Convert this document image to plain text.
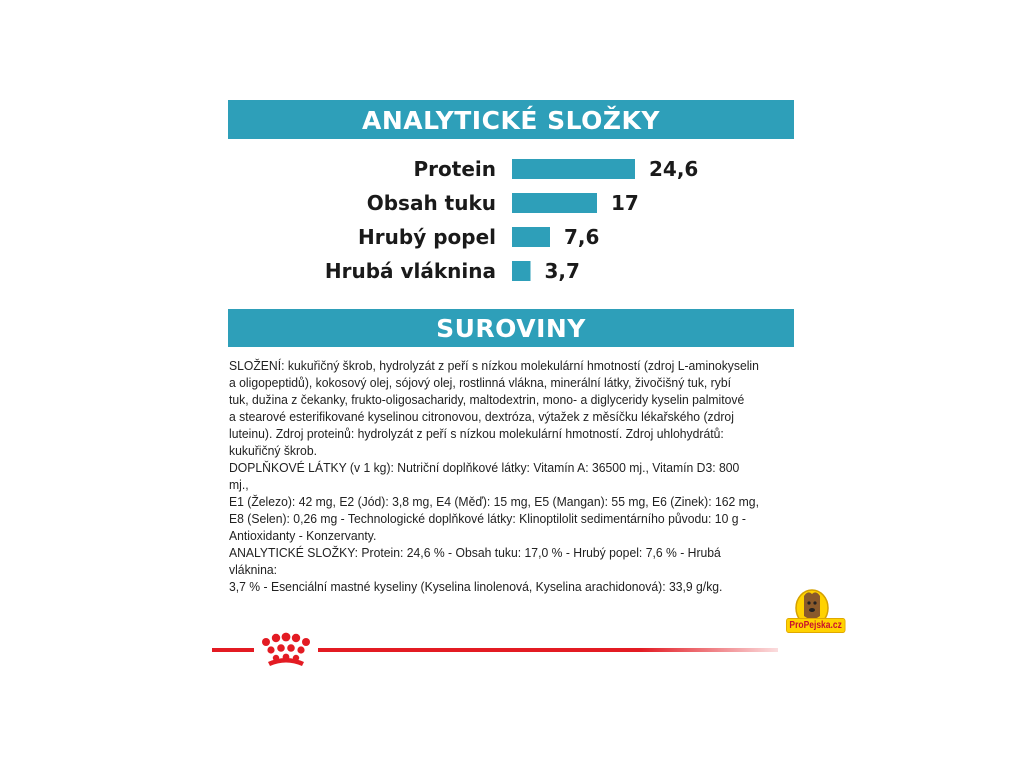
ANALYTICKÉ SLOŽKY
Protein	24,6
Obsah tuku	17
Hrubý popel	7,6
Hrubá vláknina 3,7
SUROVINY
SLOŽENÍ: kukuřičný škrob, hydrolyzát z peří s nízkou molekulární hmotností (zdroj L-aminokyselin
a oligopeptidů), kokosový olej, sójový olej, rostlinná vlákna, minerální látky, živočišný tuk, rybí
tuk, dužina z čekanky, frukto-oligosacharidy, maltodextrin, mono- a diglyceridy kyselin palmitové
a stearové esterifikované kyselinou citronovou, dextróza, výtažek z měsíčku lékařského (zdroj
luteinu). Zdroj proteinů: hydrolyzát z peří s nízkou molekulární hmotností. Zdroj uhlohydrátů:
kukuřičný škrob.
DOPLŇKOVÉ LÁTKY (v 1 kg): Nutriční doplňkové látky: Vitamín A: 36500 mj., Vitamín D3: 800 mj.,
E1 (Železo): 42 mg, E2 (Jód): 3,8 mg, E4 (Měď): 15 mg, E5 (Mangan): 55 mg, E6 (Zinek): 162 mg,
E8 (Selen): 0,26 mg - Technologické doplňkové látky: Klinoptilolit sedimentárního původu: 10 g -
Antioxidanty - Konzervanty.
ANALYTICKÉ SLOŽKY: Protein: 24,6 % - Obsah tuku: 17,0 % - Hrubý popel: 7,6 % - Hrubá vláknina:
3,7 % - Esenciální mastné kyseliny (Kyselina linolenová, Kyselina arachidonová): 33,9 g/kg.
ProPejska.cz
